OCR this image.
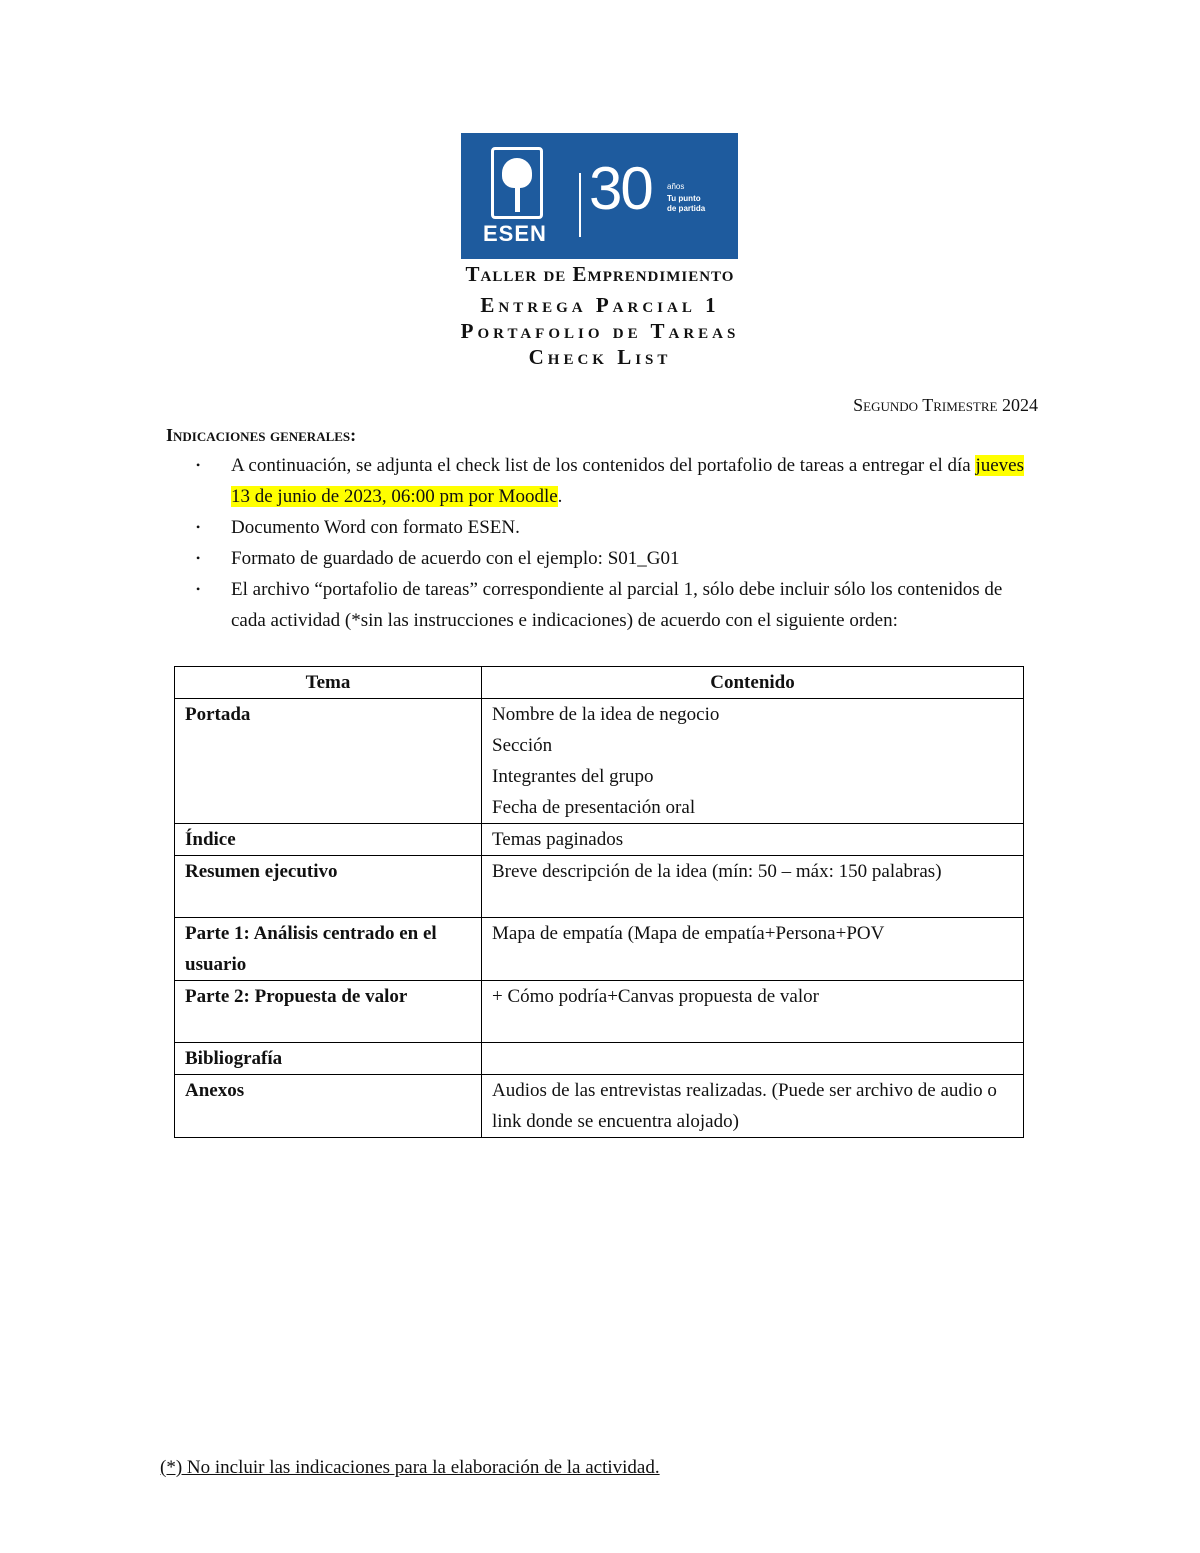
ESEN
30 años
Tu punto
de partida
Taller de Emprendimiento
Entrega Parcial 1
Portafolio de Tareas
Check List
Segundo Trimestre 2024
Indicaciones generales:
• A continuación, se adjunta el check list de los contenidos del portafolio de tareas a entregar el día jueves 13 de junio de 2023, 06:00 pm por Moodle.
• Documento Word con formato ESEN.
• Formato de guardado de acuerdo con el ejemplo: S01_G01
• El archivo “portafolio de tareas” correspondiente al parcial 1, sólo debe incluir sólo los contenidos de cada actividad (*sin las instrucciones e indicaciones) de acuerdo con el siguiente orden:
Tema	Contenido
Portada	Nombre de la idea de negocio
Sección
Integrantes del grupo
Fecha de presentación oral

Índice	Temas paginados

Resumen ejecutivo	Breve descripción de la idea (mín: 50 – máx: 150 palabras)

Parte 1: Análisis centrado en el usuario	Mapa de empatía (Mapa de empatía+Persona+POV

Parte 2: Propuesta de valor	+ Cómo podría+Canvas propuesta de valor

Bibliografía	

Anexos	Audios de las entrevistas realizadas. (Puede ser archivo de audio o link donde se encuentra alojado)
(*) No incluir las indicaciones para la elaboración de la actividad.
